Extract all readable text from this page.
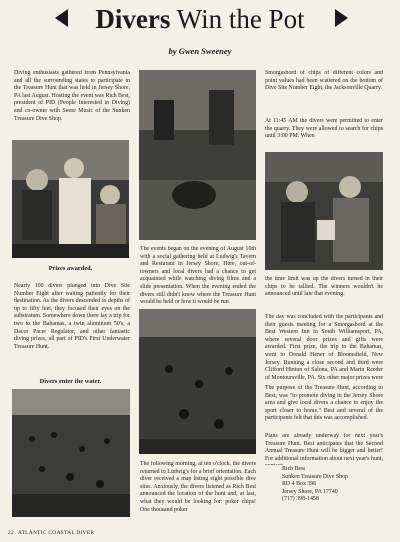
Divers Win the Pot
by Gwen Sweeney
Diving enthusiasts gathered from Pennsylvania and all the surrounding states to participate in the Treasure Hunt that was held in Jersey Shore, PA last August. Hosting the event was Rich Best, president of PID (People Interested in Diving) and co-owner with Seese Music of the Sunken Treasure Dive Shop.
Prizes awarded.
Nearly 100 divers plunged into Dive Site Number Eight after waiting patiently for their destination. As the divers descended to depths of up to fifty feet, they focused their eyes on the substratum. Somewhere down there lay a trip for two to the Bahamas, a twin aluminum 50's, a Dacor Pacer Regulator, and other fantastic diving prizes, all part of PID's First Underwater Treasure Hunt.
Divers enter the water.
The events began on the evening of August 10th with a social gathering held at Ludwig's Tavern and Resturant in Jersey Shore. Here, out-of-towners and local divers had a chance to get acquainted while watching diving films and a slide presentation. When the evening ended the divers still didn't know where the Treasure Hunt would be held or how it would be run.
The following morning, at ten o'clock, the divers returned to Ludwig's for a brief orientation. Each diver received a map listing eight possible dive sites. Anxiously, the divers listened as Rich Best announced the location of the hunt and, at last, what they would be looking for: poker chips! One thousand poker
Smorgasbord of chips of different colors and point values had been scattered on the bottom of Dive Site Number Eight, the Jacksonville Quarry.
At 11:45 AM the divers were permitted to enter the quarry. They were allowed to search for chips until 3:00 PM. When
the time limit was up the divers turned in their chips to be tallied. The winners wouldn't be announced until late that evening.
The day was concluded with the participants and their guests meeting for a Smorgasbord at the Best Western Inn in South Williamsport, PA, where several door prizes and gifts were awarded. First prize, the trip to the Bahamas, went to Donald Hener of Bloomsfield, New Jersey. Running a close second and third were Clifford Hinton of Salona, PA and Marin Reeder of Montoursville, PA. Six other major prizes were
The purpose of the Treasure Hunt, according to Best, was "to promote diving in the Jersey Shore area and give local divers a chance to enjoy the sport closer to home." Best and several of the participants felt that this was accomplished.
Plans are already underway for next year's Treasure Hunt. Best anticipates that the Second Annual Treasure Hunt will be bigger and better! For additional information about next year's hunt,
Rich Best
Sunken Treasure Dive Shop
RD 4 Box 396
Jersey Shore, PA 17740
(717) 398-1458
22 ATLANTIC COASTAL DIVER
